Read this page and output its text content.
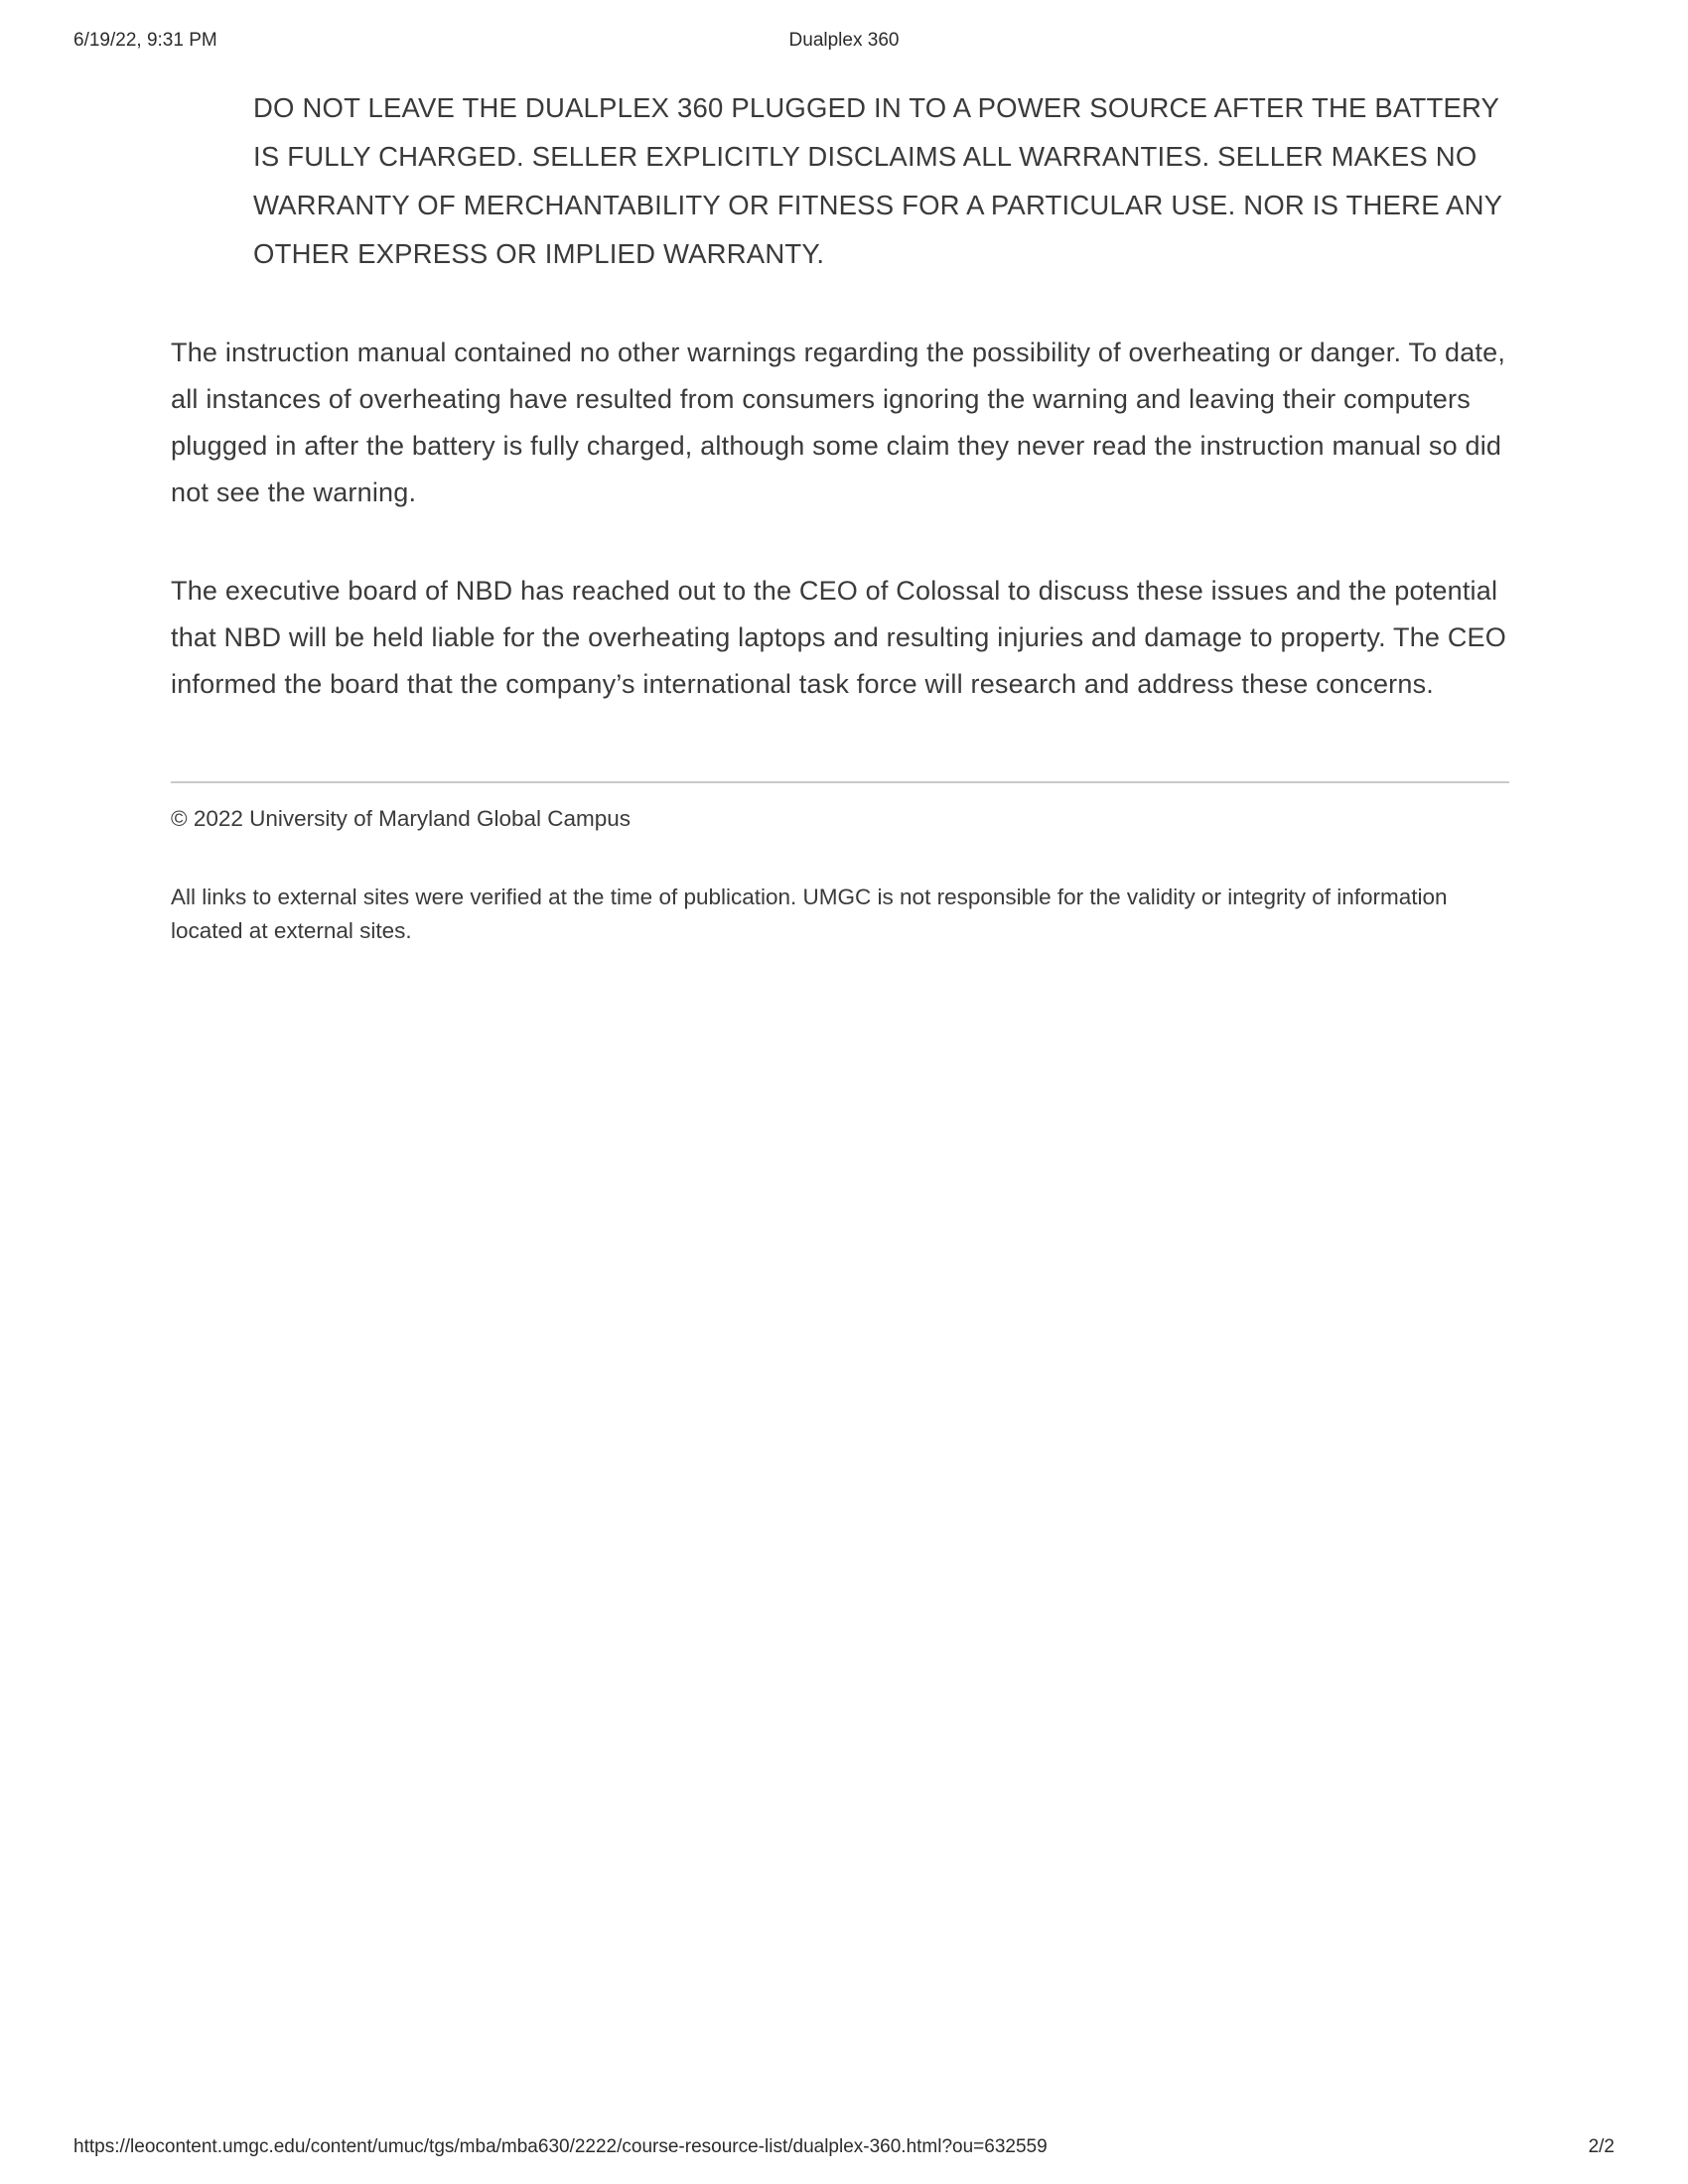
6/19/22, 9:31 PM	Dualplex 360

DO NOT LEAVE THE DUALPLEX 360 PLUGGED IN TO A POWER SOURCE AFTER THE BATTERY IS FULLY CHARGED. SELLER EXPLICITLY DISCLAIMS ALL WARRANTIES. SELLER MAKES NO WARRANTY OF MERCHANTABILITY OR FITNESS FOR A PARTICULAR USE. NOR IS THERE ANY OTHER EXPRESS OR IMPLIED WARRANTY.

The instruction manual contained no other warnings regarding the possibility of overheating or danger. To date, all instances of overheating have resulted from consumers ignoring the warning and leaving their computers plugged in after the battery is fully charged, although some claim they never read the instruction manual so did not see the warning.

The executive board of NBD has reached out to the CEO of Colossal to discuss these issues and the potential that NBD will be held liable for the overheating laptops and resulting injuries and damage to property. The CEO informed the board that the company’s international task force will research and address these concerns.

© 2022 University of Maryland Global Campus

All links to external sites were verified at the time of publication. UMGC is not responsible for the validity or integrity of information located at external sites.

https://leocontent.umgc.edu/content/umuc/tgs/mba/mba630/2222/course-resource-list/dualplex-360.html?ou=632559	2/2
